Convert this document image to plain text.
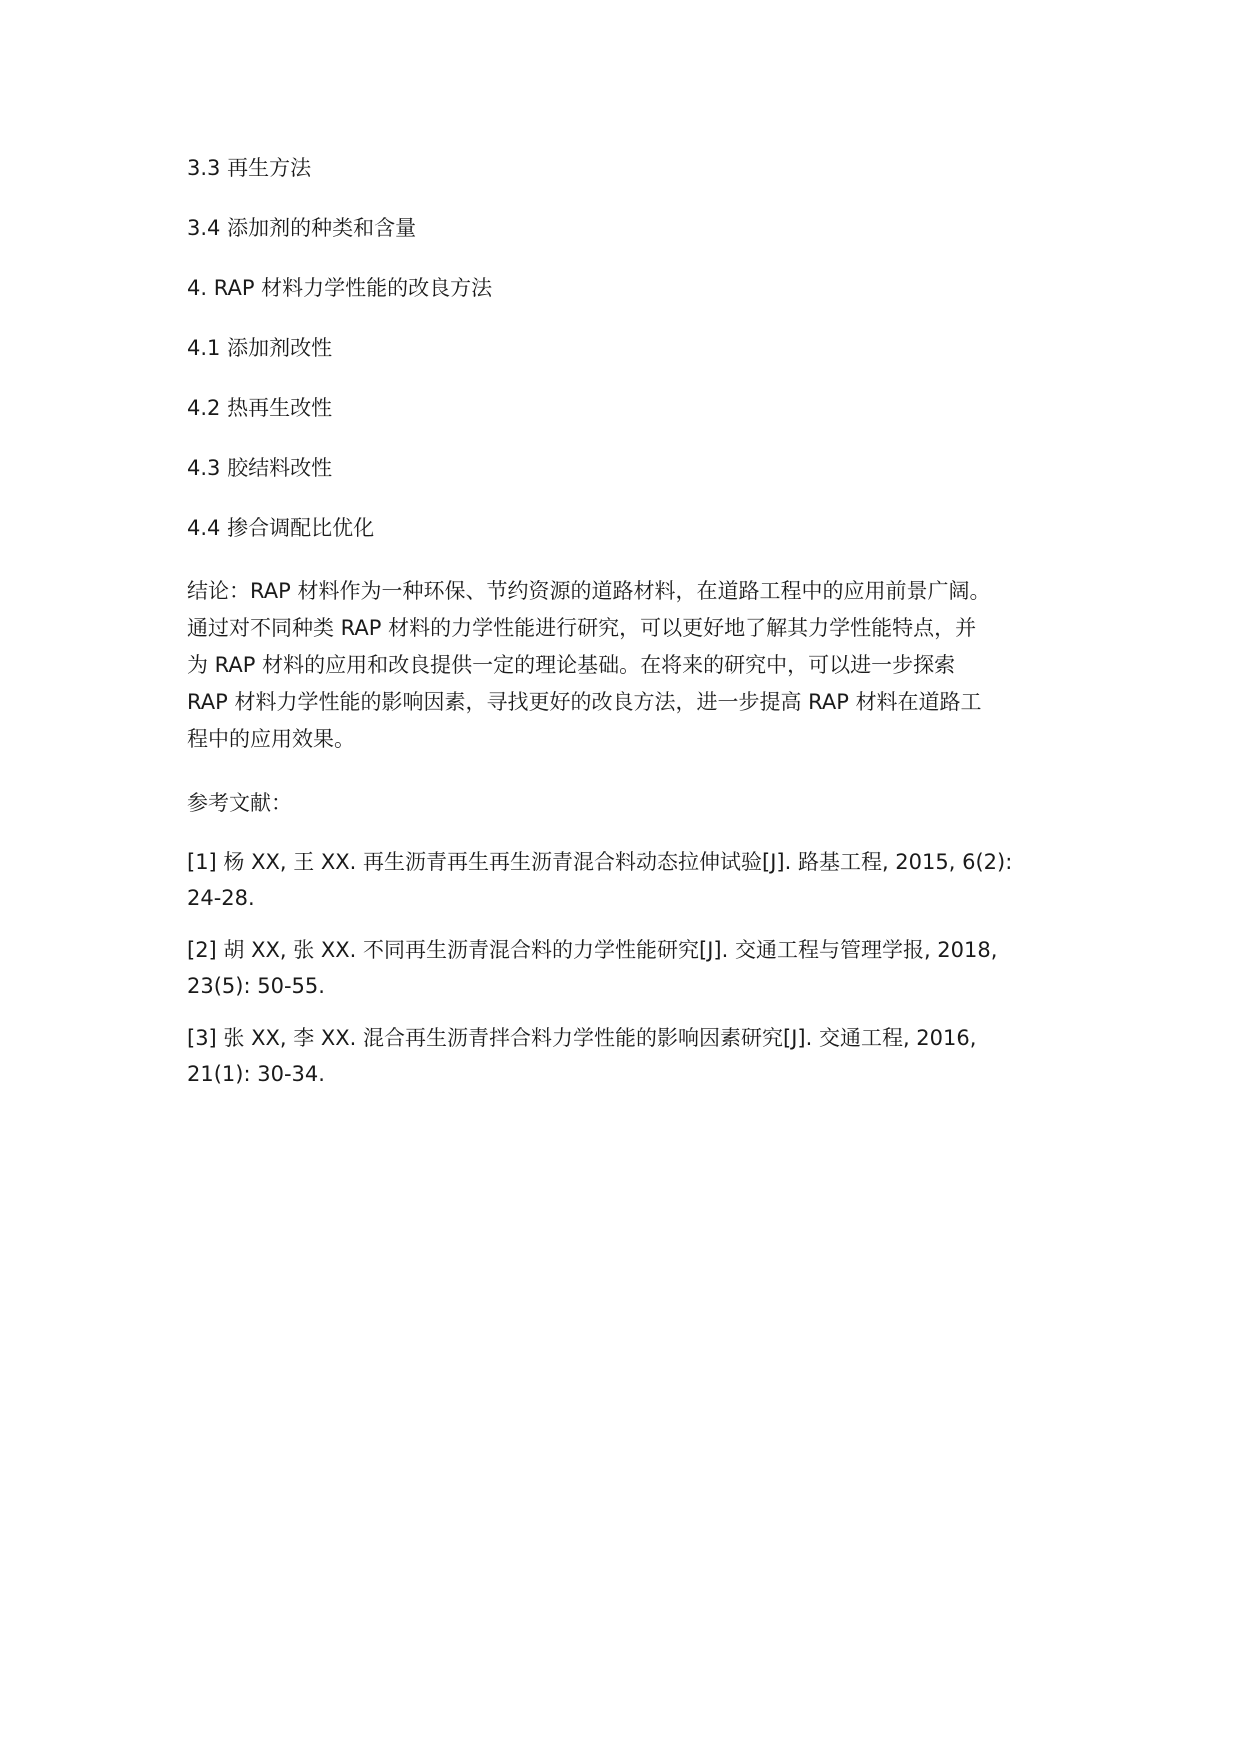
3.3 再生方法
3.4 添加剂的种类和含量
4. RAP 材料力学性能的改良方法
4.1 添加剂改性
4.2 热再生改性
4.3 胶结料改性
4.4 掺合调配比优化
结论：RAP 材料作为一种环保、节约资源的道路材料，在道路工程中的应用前景广阔。
通过对不同种类 RAP 材料的力学性能进行研究，可以更好地了解其力学性能特点，并
为 RAP 材料的应用和改良提供一定的理论基础。在将来的研究中，可以进一步探索
RAP 材料力学性能的影响因素，寻找更好的改良方法，进一步提高 RAP 材料在道路工
程中的应用效果。
参考文献：
[1] 杨 XX, 王 XX. 再生沥青再生再生沥青混合料动态拉伸试验[J]. 路基工程, 2015, 6(2):
24-28.
[2] 胡 XX, 张 XX. 不同再生沥青混合料的力学性能研究[J]. 交通工程与管理学报, 2018,
23(5): 50-55.
[3] 张 XX, 李 XX. 混合再生沥青拌合料力学性能的影响因素研究[J]. 交通工程, 2016,
21(1): 30-34.
